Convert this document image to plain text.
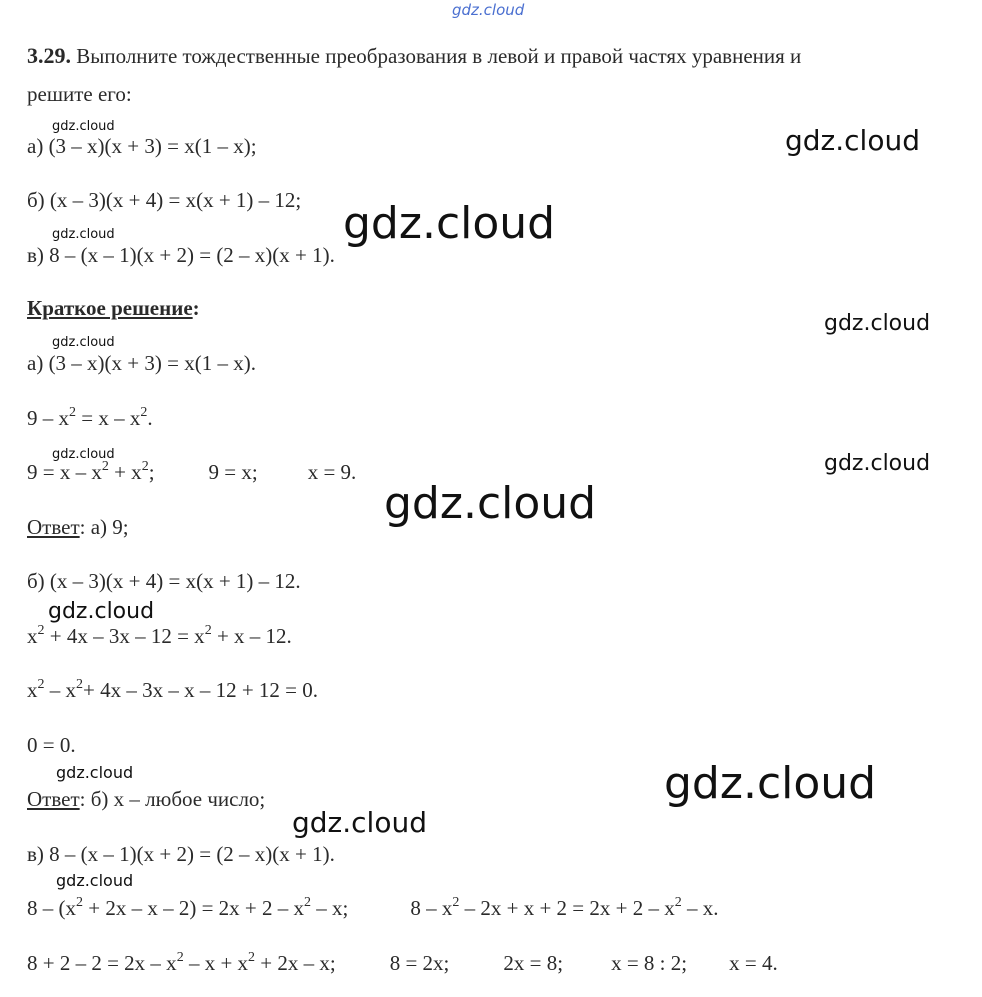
gdz.cloud
gdz.cloud	gdz.cloud
gdz.cloud
gdz.cloud
gdz.cloud
gdz.cloud
gdz.cloud	gdz.cloud
gdz.cloud
gdz.cloud
gdz.cloud
gdz.cloud
gdz.cloud
gdz.cloud
3.29. Выполните тождественные преобразования в левой и правой частях уравнения и
решите его:
а) (3 – x)(x + 3) = x(1 – x);
б) (x – 3)(x + 4) = x(x + 1) – 12;
в) 8 – (x – 1)(x + 2) = (2 – x)(x + 1).
Краткое решение:
а) (3 – x)(x + 3) = x(1 – x).
$9 - x^2 = x - x^2$.
$9 = x - x^2 + x^2$;	9 = x; x = 9.
Ответ: а) 9;
б) (x – 3)(x + 4) = x(x + 1) – 12.
$x^2 + 4x - 3x - 12 = x^2 + x - 12$.
$x^2 - x^2+ 4x - 3x - x - 12 + 12 = 0$.
0 = 0.
Ответ: б) x – любое число;
в) 8 – (x – 1)(x + 2) = (2 – x)(x + 1).
$8 - (x^2 + 2x - x - 2) = 2x + 2 - x^2 - x$;	$8 - x^2 - 2x + x + 2 = 2x + 2 - x^2 - x$.
$8 + 2 - 2 = 2x - x^2 - x + x^2 + 2x - x$;	8 = 2x;	2x = 8; x = 8 : 2; x = 4.
